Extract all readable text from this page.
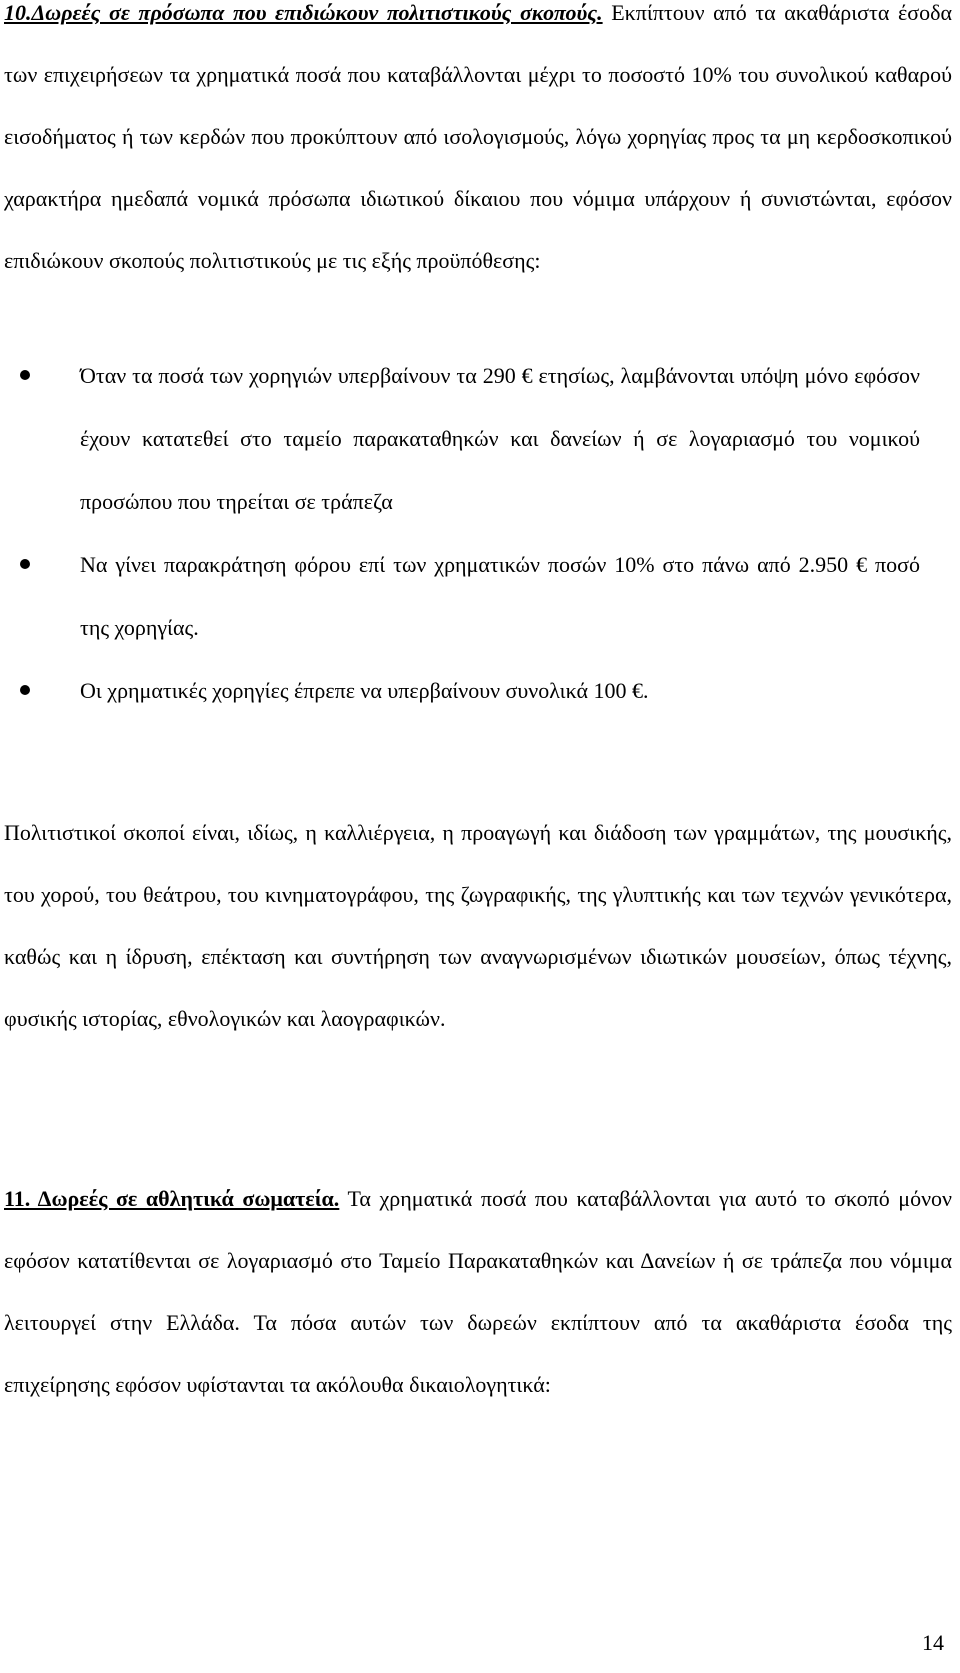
10.Δωρεές σε πρόσωπα που επιδιώκουν πολιτιστικούς σκοπούς. Εκπίπτουν από τα ακαθάριστα έσοδα των επιχειρήσεων τα χρηματικά ποσά που καταβάλλονται μέχρι το ποσοστό 10% του συνολικού καθαρού εισοδήματος ή των κερδών που προκύπτουν από ισολογισμούς, λόγω χορηγίας προς τα μη κερδοσκοπικού χαρακτήρα ημεδαπά νομικά πρόσωπα ιδιωτικού δίκαιου που νόμιμα υπάρχουν ή συνιστώνται, εφόσον επιδιώκουν σκοπούς πολιτιστικούς με τις εξής προϋπόθεσης:

Όταν τα ποσά των χορηγιών υπερβαίνουν τα 290 € ετησίως, λαμβάνονται υπόψη μόνο εφόσον έχουν κατατεθεί στο ταμείο παρακαταθηκών και δανείων ή σε λογαριασμό του νομικού προσώπου που τηρείται σε τράπεζα
Να γίνει παρακράτηση φόρου επί των χρηματικών ποσών 10% στο πάνω από 2.950 € ποσό της χορηγίας.
Οι χρηματικές χορηγίες έπρεπε να υπερβαίνουν συνολικά 100 €.

Πολιτιστικοί σκοποί είναι, ιδίως, η καλλιέργεια, η προαγωγή και διάδοση των γραμμάτων, της μουσικής, του χορού, του θεάτρου, του κινηματογράφου, της ζωγραφικής, της γλυπτικής και των τεχνών γενικότερα, καθώς και η ίδρυση, επέκταση και συντήρηση των αναγνωρισμένων ιδιωτικών μουσείων, όπως τέχνης, φυσικής ιστορίας, εθνολογικών και λαογραφικών.

11. Δωρεές σε αθλητικά σωματεία. Τα χρηματικά ποσά που καταβάλλονται για αυτό το σκοπό μόνον εφόσον κατατίθενται σε λογαριασμό στο Ταμείο Παρακαταθηκών και Δανείων ή σε τράπεζα που νόμιμα λειτουργεί στην Ελλάδα. Τα πόσα αυτών των δωρεών εκπίπτουν από τα ακαθάριστα έσοδα της επιχείρησης εφόσον υφίστανται τα ακόλουθα δικαιολογητικά:

14
